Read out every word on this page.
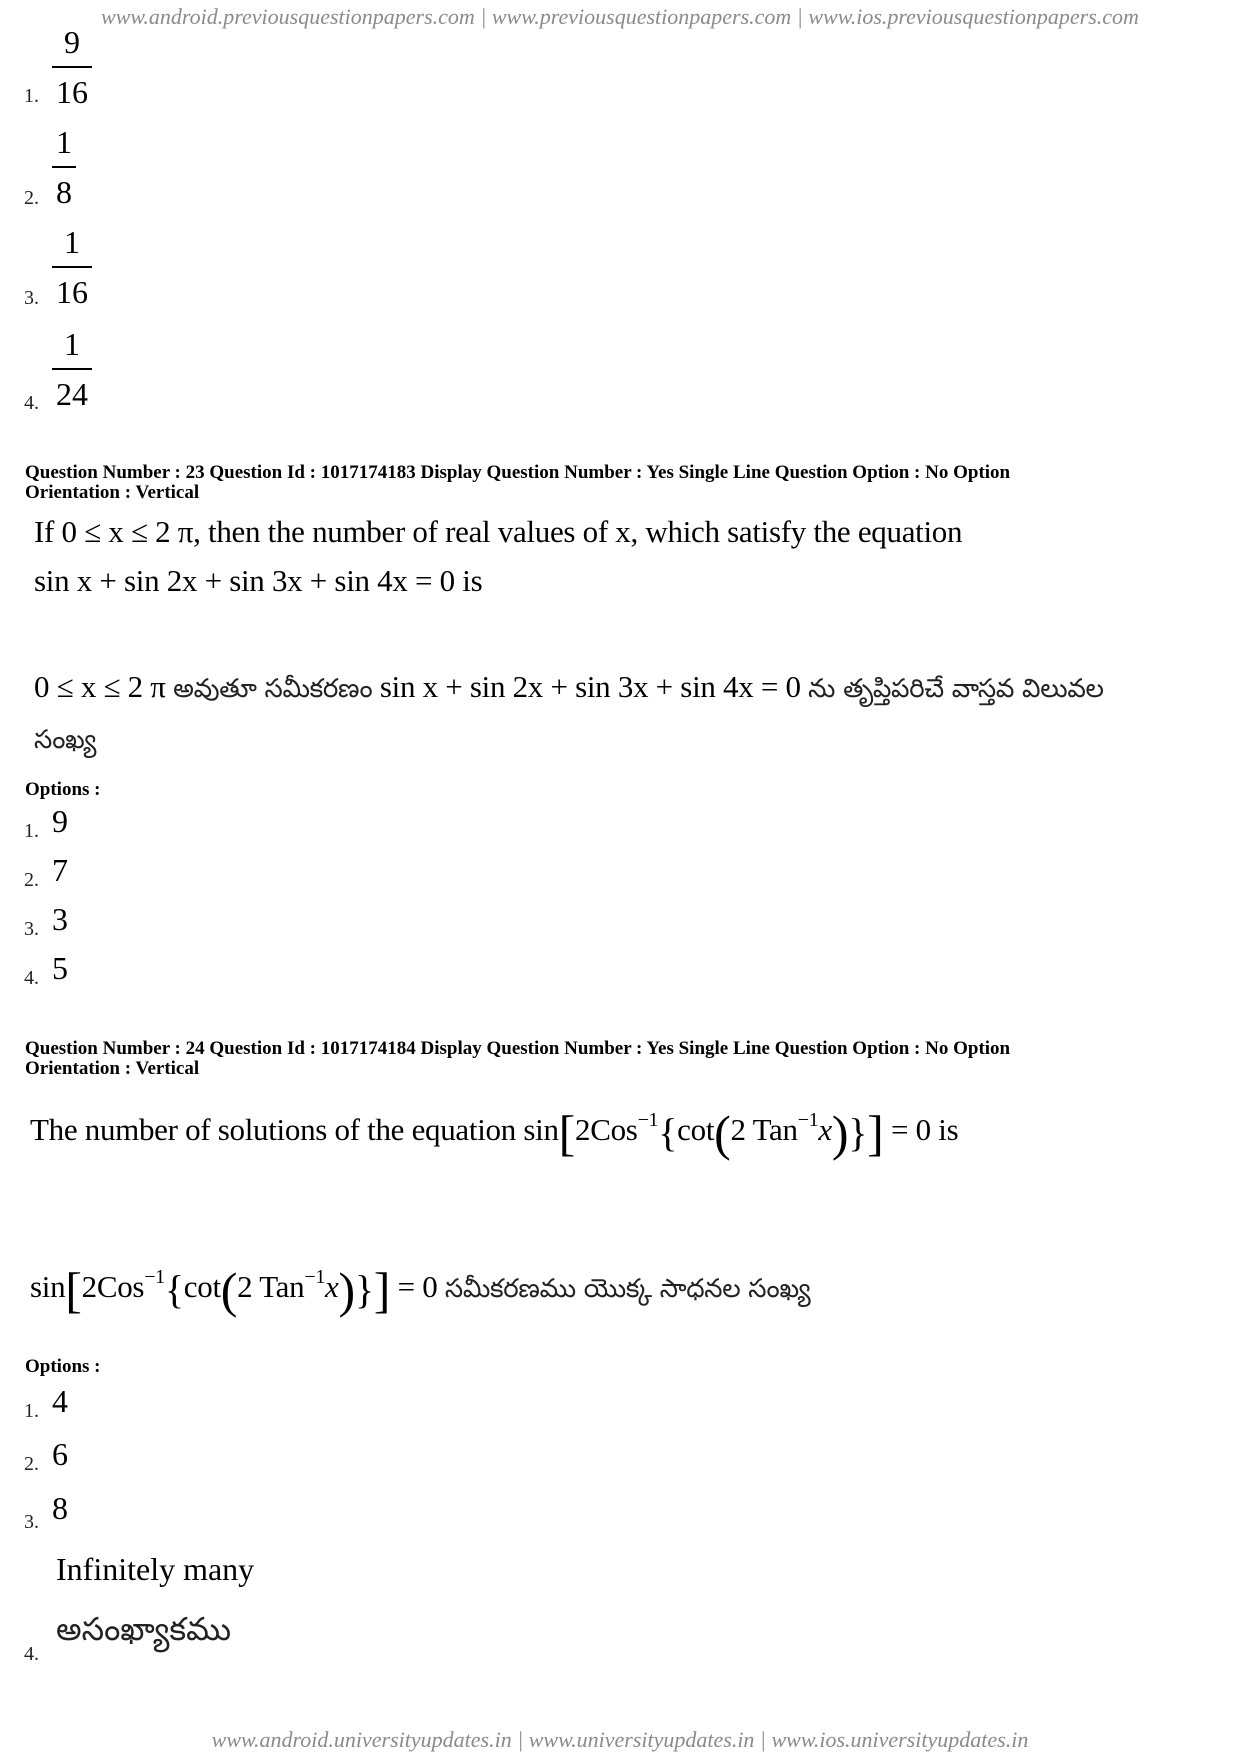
www.android.previousquestionpapers.com | www.previousquestionpapers.com | www.ios.previousquestionpapers.com
1.
9
16
2.
1
8
3.
1
16
4.
1
24
Question Number : 23 Question Id : 1017174183 Display Question Number : Yes Single Line Question Option : No Option
Orientation : Vertical
If 0 ≤ x ≤ 2 π, then the number of real values of x, which satisfy the equation
sin x + sin 2x + sin 3x + sin 4x = 0 is
0 ≤ x ≤ 2 π అవుతూ సమీకరణం sin x + sin 2x + sin 3x + sin 4x = 0 ను తృప్తిపరిచే వాస్తవ విలువల
సంఖ్య
Options :
1. 9
2. 7
3. 3
4. 5
Question Number : 24 Question Id : 1017174184 Display Question Number : Yes Single Line Question Option : No Option
Orientation : Vertical
The number of solutions of the equation sin[2Cos$^{-1}${cot(2 Tan$^{-1}$x)}] = 0 is
sin[2Cos$^{-1}${cot(2 Tan$^{-1}$x)}] = 0 సమీకరణము యొక్క సాధనల సంఖ్య
Options :
1. 4
2. 6
3. 8
4.
Infinitely many
అసంఖ్యాకము
www.android.universityupdates.in | www.universityupdates.in | www.ios.universityupdates.in
